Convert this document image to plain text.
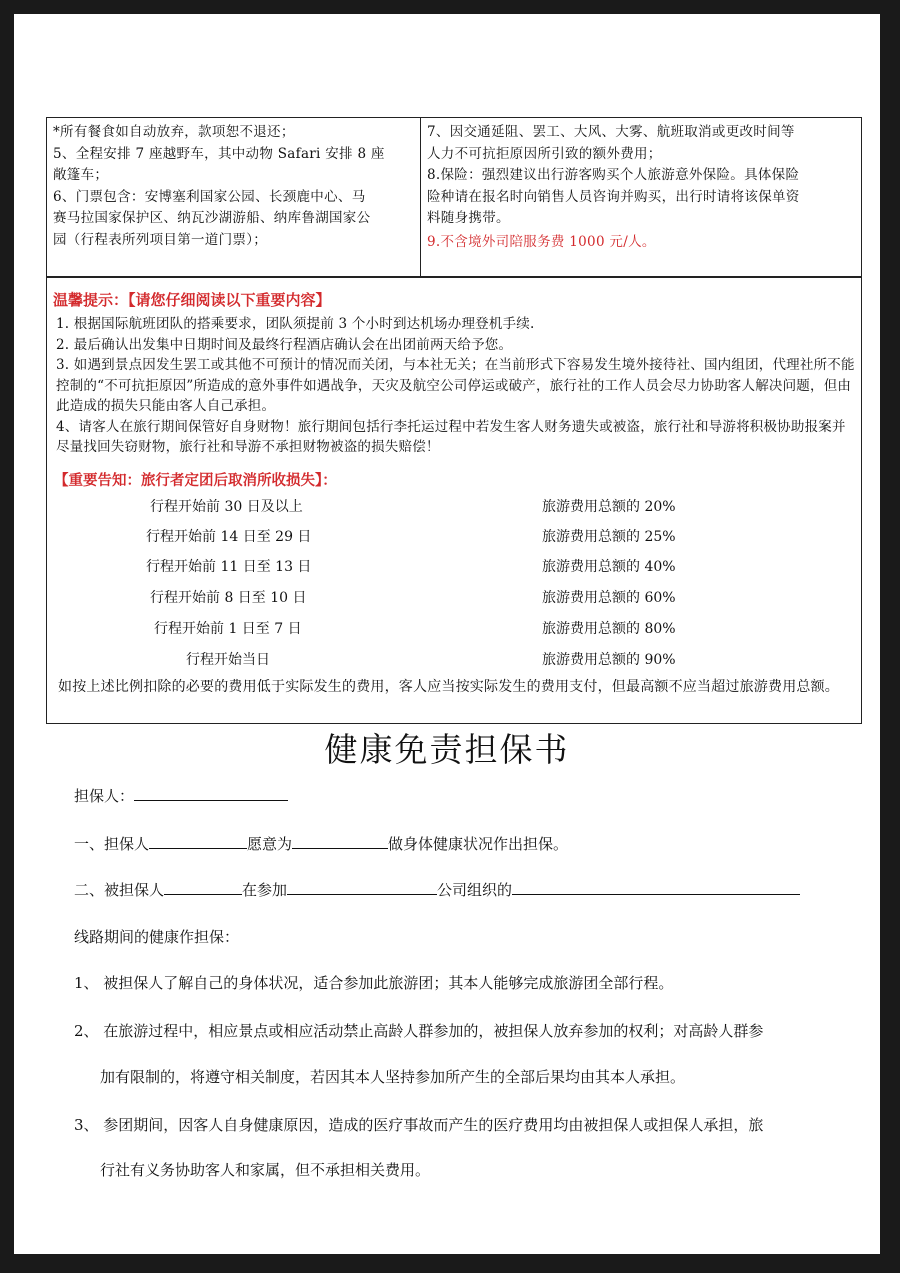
*所有餐食如自动放弃，款项恕不退还；
5、全程安排 7 座越野车，其中动物 Safari 安排 8 座
敞篷车；
6、门票包含：安博塞利国家公园、长颈鹿中心、马
赛马拉国家保护区、纳瓦沙湖游船、纳库鲁湖国家公
园（行程表所列项目第一道门票）；
7、因交通延阻、罢工、大风、大雾、航班取消或更改时间等
人力不可抗拒原因所引致的额外费用；
8.保险：强烈建议出行游客购买个人旅游意外保险。具体保险
险种请在报名时向销售人员咨询并购买，出行时请将该保单资
料随身携带。
9.不含境外司陪服务费 1000 元/人。
温馨提示：【请您仔细阅读以下重要内容】

1. 根据国际航班团队的搭乘要求，团队须提前 3 个小时到达机场办理登机手续.

2. 最后确认出发集中日期时间及最终行程酒店确认会在出团前两天给予您。

3. 如遇到景点因发生罢工或其他不可预计的情况而关闭，与本社无关；在当前形式下容易发生境外接待社、国内组团，代理社所不能控制的“不可抗拒原因”所造成的意外事件如遇战争，天灾及航空公司停运或破产，旅行社的工作人员会尽力协助客人解决问题，但由此造成的损失只能由客人自己承担。

4、请客人在旅行期间保管好自身财物！旅行期间包括行李托运过程中若发生客人财务遗失或被盗，旅行社和导游将积极协助报案并尽量找回失窃财物，旅行社和导游不承担财物被盗的损失赔偿！

【重要告知：旅行者定团后取消所收损失】：
行程开始前 30 日及以上	旅游费用总额的 20%
行程开始前 14 日至 29 日	旅游费用总额的 25%
行程开始前 11 日至 13 日	旅游费用总额的 40%
行程开始前 8 日至 10 日	旅游费用总额的 60%
行程开始前 1 日至 7 日	旅游费用总额的 80%
行程开始当日	旅游费用总额的 90%
如按上述比例扣除的必要的费用低于实际发生的费用，客人应当按实际发生的费用支付，但最高额不应当超过旅游费用总额。
健康免责担保书
担保人：
一、担保人	愿意为	做身体健康状况作出担保。
二、被担保人	在参加	公司组织的
线路期间的健康作担保：
1、 被担保人了解自己的身体状况，适合参加此旅游团；其本人能够完成旅游团全部行程。
2、 在旅游过程中，相应景点或相应活动禁止高龄人群参加的，被担保人放弃参加的权利；对高龄人群参
加有限制的，将遵守相关制度，若因其本人坚持参加所产生的全部后果均由其本人承担。
3、 参团期间，因客人自身健康原因，造成的医疗事故而产生的医疗费用均由被担保人或担保人承担，旅
行社有义务协助客人和家属，但不承担相关费用。
